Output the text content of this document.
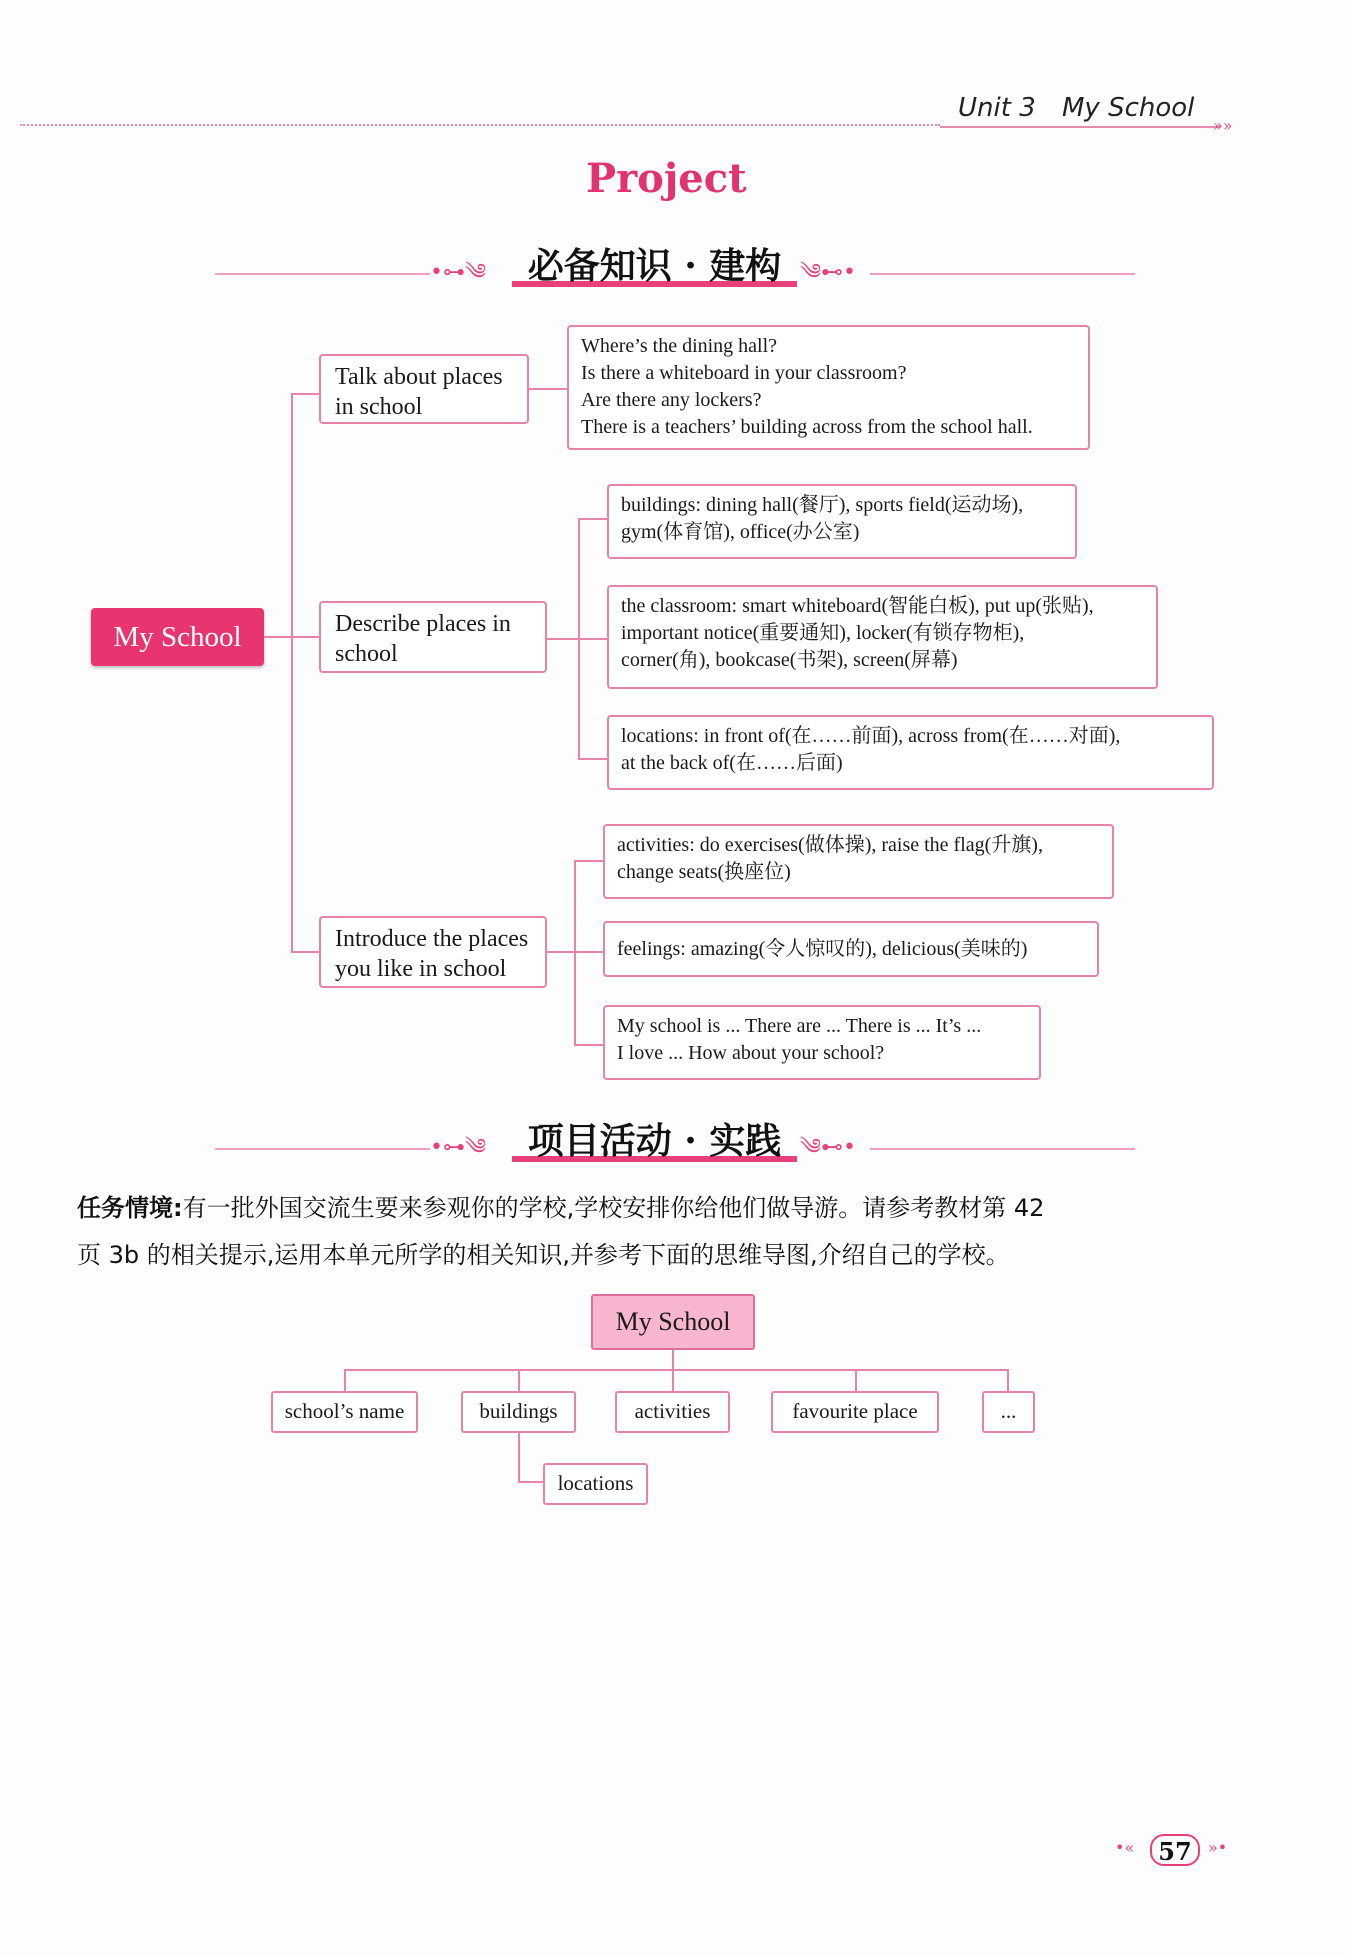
Unit 3 My School
»»
Project
•⊶༄	必备知识 · 建构 ༄⊷•
My School
Talk about places
in school
Where’s the dining hall?
Is there a whiteboard in your classroom?
Are there any lockers?
There is a teachers’ building across from the school hall.
Describe places in
school
buildings: dining hall(餐厅), sports field(运动场),
gym(体育馆), office(办公室)
the classroom: smart whiteboard(智能白板), put up(张贴),
important notice(重要通知), locker(有锁存物柜),
corner(角), bookcase(书架), screen(屏幕)
locations: in front of(在……前面), across from(在……对面),
at the back of(在……后面)
Introduce the places
you like in school
activities: do exercises(做体操), raise the flag(升旗),
change seats(换座位)
feelings: amazing(令人惊叹的), delicious(美味的)
My school is ... There are ... There is ... It’s ...
I love ... How about your school?
•⊶༄	项目活动 · 实践 ༄⊷•
任务情境:有一批外国交流生要来参观你的学校,学校安排你给他们做导游。请参考教材第 42
页 3b 的相关提示,运用本单元所学的相关知识,并参考下面的思维导图,介绍自己的学校。
My School
school’s name	buildings	activities	favourite place	...
locations
•«	57	»•
